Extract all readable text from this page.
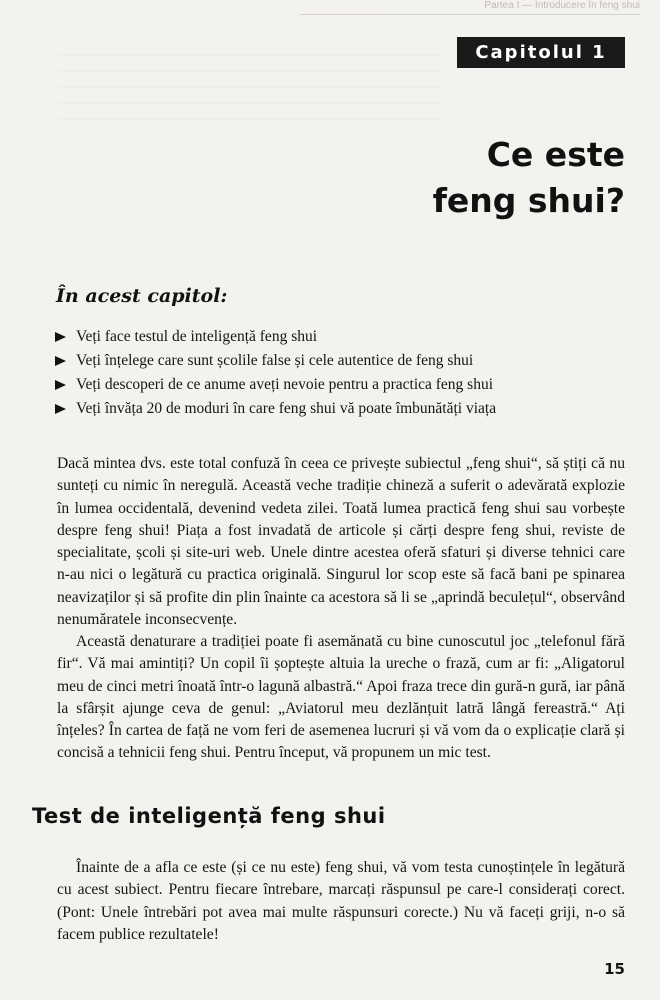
Partea I — Introducere în feng shui
Capitolul 1
Ce este
feng shui?
În acest capitol:
Veți face testul de inteligență feng shui
Veți înțelege care sunt școlile false și cele autentice de feng shui
Veți descoperi de ce anume aveți nevoie pentru a practica feng shui
Veți învăța 20 de moduri în care feng shui vă poate îmbunătăți viața

Dacă mintea dvs. este total confuză în ceea ce privește subiectul „feng shui“, să știți că nu sunteți cu nimic în neregulă. Această veche tradiție chineză a suferit o adevărată explozie în lumea occidentală, devenind vedeta zilei. Toată lumea practică feng shui sau vorbește despre feng shui! Piața a fost invadată de articole și cărți despre feng shui, reviste de specialitate, școli și site-uri web. Unele dintre acestea oferă sfaturi și diverse tehnici care n-au nici o legătură cu practica originală. Singurul lor scop este să facă bani pe spinarea neavizaților și să profite din plin înainte ca acestora să li se „aprindă beculețul“, observând nenumăratele inconsecvențe.

Această denaturare a tradiției poate fi asemănată cu bine cunoscutul joc „telefonul fără fir“. Vă mai amintiți? Un copil îi șoptește altuia la ureche o frază, cum ar fi: „Aligatorul meu de cinci metri înoată într-o lagună albastră.“ Apoi fraza trece din gură-n gură, iar până la sfârșit ajunge ceva de genul: „Aviatorul meu dezlănțuit latră lângă fereastră.“ Ați înțeles? În cartea de față ne vom feri de asemenea lucruri și vă vom da o explicație clară și concisă a tehnicii feng shui. Pentru început, vă propunem un mic test.

Test de inteligență feng shui

Înainte de a afla ce este (și ce nu este) feng shui, vă vom testa cunoștințele în legătură cu acest subiect. Pentru fiecare întrebare, marcați răspunsul pe care-l considerați corect. (Pont: Unele întrebări pot avea mai multe răspunsuri corecte.) Nu vă faceți griji, n-o să facem publice rezultatele!

15
